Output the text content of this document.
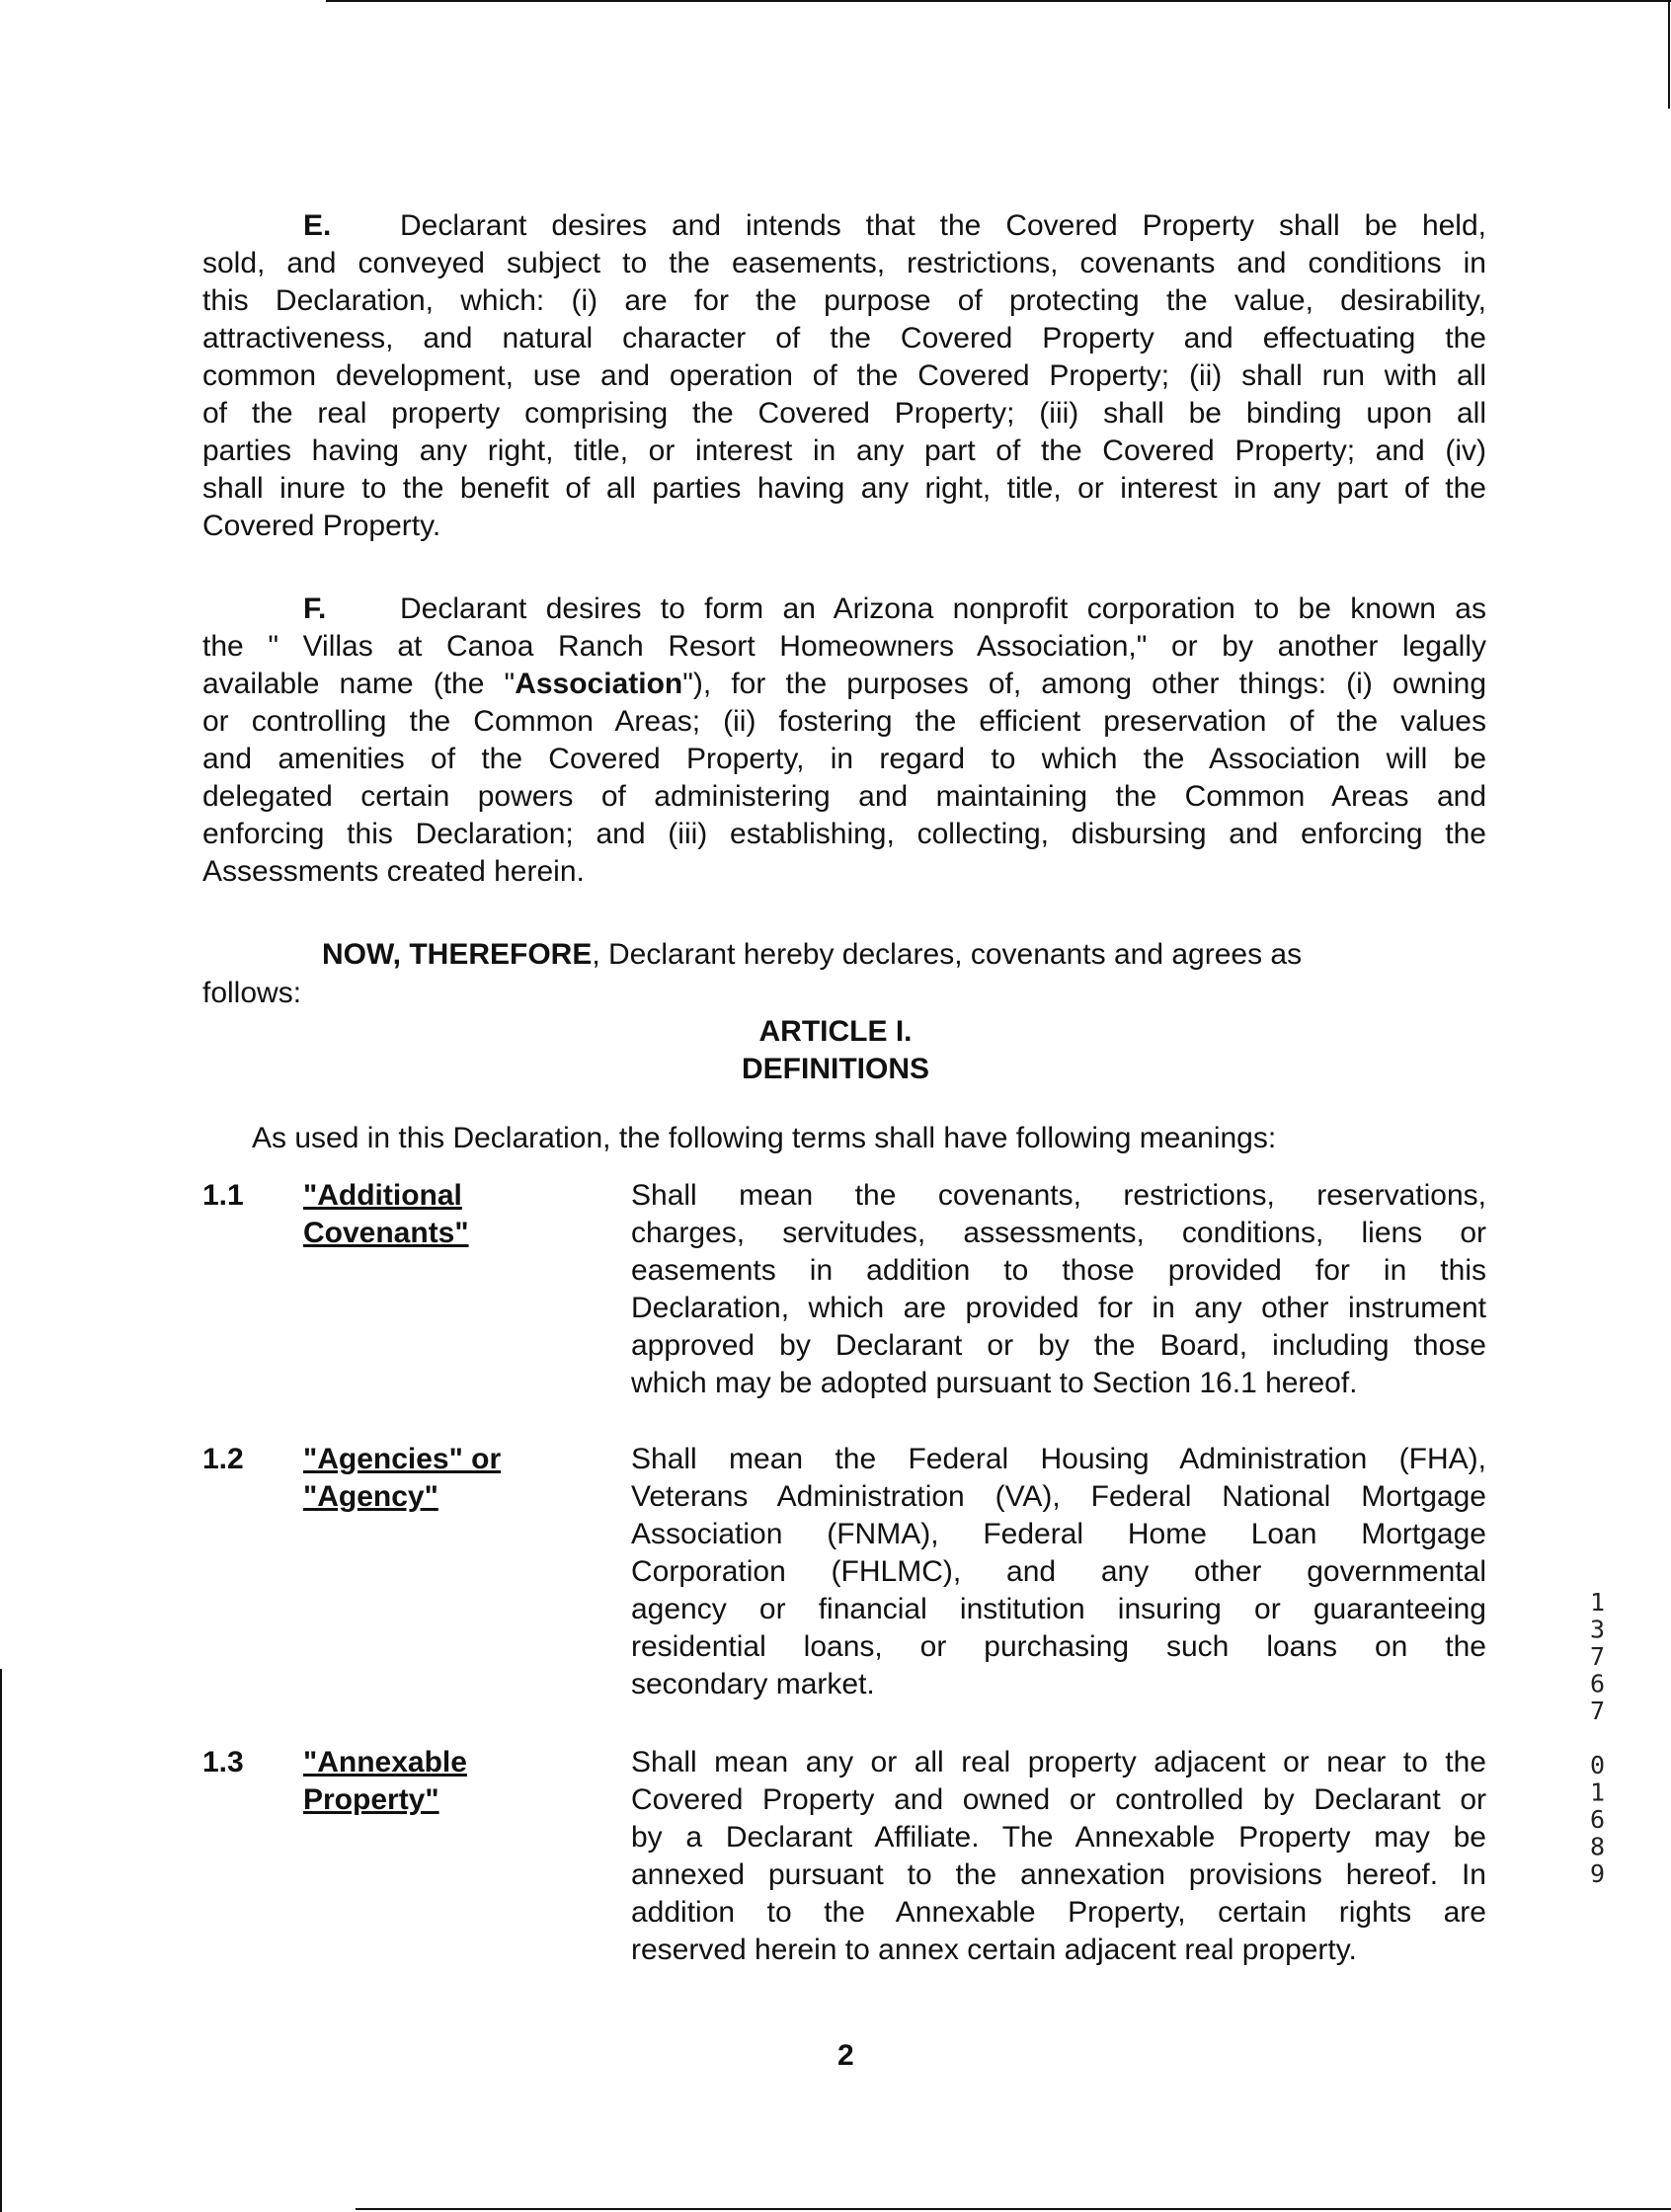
E. Declarant desires and intends that the Covered Property shall be held,
sold, and conveyed subject to the easements, restrictions, covenants and conditions in
this Declaration, which: (i) are for the purpose of protecting the value, desirability,
attractiveness, and natural character of the Covered Property and effectuating the
common development, use and operation of the Covered Property; (ii) shall run with all
of the real property comprising the Covered Property; (iii) shall be binding upon all
parties having any right, title, or interest in any part of the Covered Property; and (iv)
shall inure to the benefit of all parties having any right, title, or interest in any part of the
Covered Property.
F. Declarant desires to form an Arizona nonprofit corporation to be known as
the " Villas at Canoa Ranch Resort Homeowners Association," or by another legally
available name (the "Association"), for the purposes of, among other things: (i) owning
or controlling the Common Areas; (ii) fostering the efficient preservation of the values
and amenities of the Covered Property, in regard to which the Association will be
delegated certain powers of administering and maintaining the Common Areas and
enforcing this Declaration; and (iii) establishing, collecting, disbursing and enforcing the
Assessments created herein.
NOW, THEREFORE, Declarant hereby declares, covenants and agrees as
follows:
ARTICLE I.
DEFINITIONS
As used in this Declaration, the following terms shall have following meanings:
1.1 "Additional
Covenants"
Shall mean the covenants, restrictions, reservations,
charges, servitudes, assessments, conditions, liens or
easements in addition to those provided for in this
Declaration, which are provided for in any other instrument
approved by Declarant or by the Board, including those
which may be adopted pursuant to Section 16.1 hereof.
1.2 "Agencies" or
"Agency"
Shall mean the Federal Housing Administration (FHA),
Veterans Administration (VA), Federal National Mortgage
Association (FNMA), Federal Home Loan Mortgage
Corporation (FHLMC), and any other governmental
agency or financial institution insuring or guaranteeing
residential loans, or purchasing such loans on the
secondary market.
1.3 "Annexable
Property"
Shall mean any or all real property adjacent or near to the
Covered Property and owned or controlled by Declarant or
by a Declarant Affiliate. The Annexable Property may be
annexed pursuant to the annexation provisions hereof. In
addition to the Annexable Property, certain rights are
reserved herein to annex certain adjacent real property.
2
13767 01689
